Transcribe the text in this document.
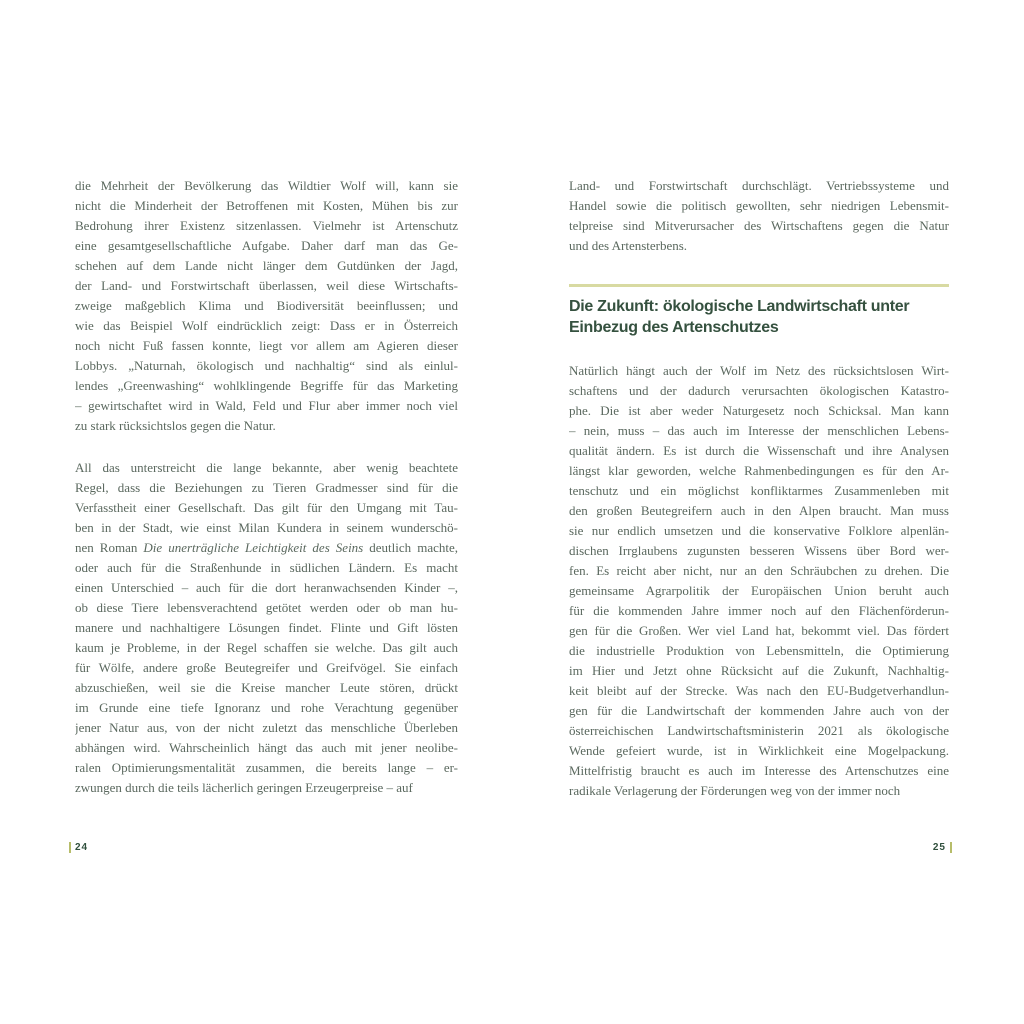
die Mehrheit der Bevölkerung das Wildtier Wolf will, kann sie
nicht die Minderheit der Betroffenen mit Kosten, Mühen bis zur
Bedrohung ihrer Existenz sitzenlassen. Vielmehr ist Artenschutz
eine gesamtgesellschaftliche Aufgabe. Daher darf man das Ge-
schehen auf dem Lande nicht länger dem Gutdünken der Jagd,
der Land- und Forstwirtschaft überlassen, weil diese Wirtschafts-
zweige maßgeblich Klima und Biodiversität beeinflussen; und
wie das Beispiel Wolf eindrücklich zeigt: Dass er in Österreich
noch nicht Fuß fassen konnte, liegt vor allem am Agieren dieser
Lobbys. „Naturnah, ökologisch und nachhaltig“ sind als einlul-
lendes „Greenwashing“ wohlklingende Begriffe für das Marketing
– gewirtschaftet wird in Wald, Feld und Flur aber immer noch viel
zu stark rücksichtslos gegen die Natur.
All das unterstreicht die lange bekannte, aber wenig beachtete
Regel, dass die Beziehungen zu Tieren Gradmesser sind für die
Verfasstheit einer Gesellschaft. Das gilt für den Umgang mit Tau-
ben in der Stadt, wie einst Milan Kundera in seinem wunderschö-
nen Roman Die unerträgliche Leichtigkeit des Seins deutlich machte,
oder auch für die Straßenhunde in südlichen Ländern. Es macht
einen Unterschied – auch für die dort heranwachsenden Kinder –,
ob diese Tiere lebensverachtend getötet werden oder ob man hu-
manere und nachhaltigere Lösungen findet. Flinte und Gift lösten
kaum je Probleme, in der Regel schaffen sie welche. Das gilt auch
für Wölfe, andere große Beutegreifer und Greifvögel. Sie einfach
abzuschießen, weil sie die Kreise mancher Leute stören, drückt
im Grunde eine tiefe Ignoranz und rohe Verachtung gegenüber
jener Natur aus, von der nicht zuletzt das menschliche Überleben
abhängen wird. Wahrscheinlich hängt das auch mit jener neolibe-
ralen Optimierungsmentalität zusammen, die bereits lange – er-
zwungen durch die teils lächerlich geringen Erzeugerpreise – auf
Land- und Forstwirtschaft durchschlägt. Vertriebssysteme und
Handel sowie die politisch gewollten, sehr niedrigen Lebensmit-
telpreise sind Mitverursacher des Wirtschaftens gegen die Natur
und des Artensterbens.
Die Zukunft: ökologische Landwirtschaft unter
Einbezug des Artenschutzes
Natürlich hängt auch der Wolf im Netz des rücksichtslosen Wirt-
schaftens und der dadurch verursachten ökologischen Katastro-
phe. Die ist aber weder Naturgesetz noch Schicksal. Man kann
– nein, muss – das auch im Interesse der menschlichen Lebens-
qualität ändern. Es ist durch die Wissenschaft und ihre Analysen
längst klar geworden, welche Rahmenbedingungen es für den Ar-
tenschutz und ein möglichst konfliktarmes Zusammenleben mit
den großen Beutegreifern auch in den Alpen braucht. Man muss
sie nur endlich umsetzen und die konservative Folklore alpenlän-
dischen Irrglaubens zugunsten besseren Wissens über Bord wer-
fen. Es reicht aber nicht, nur an den Schräubchen zu drehen. Die
gemeinsame Agrarpolitik der Europäischen Union beruht auch
für die kommenden Jahre immer noch auf den Flächenförderun-
gen für die Großen. Wer viel Land hat, bekommt viel. Das fördert
die industrielle Produktion von Lebensmitteln, die Optimierung
im Hier und Jetzt ohne Rücksicht auf die Zukunft, Nachhaltig-
keit bleibt auf der Strecke. Was nach den EU-Budgetverhandlun-
gen für die Landwirtschaft der kommenden Jahre auch von der
österreichischen Landwirtschaftsministerin 2021 als ökologische
Wende gefeiert wurde, ist in Wirklichkeit eine Mogelpackung.
Mittelfristig braucht es auch im Interesse des Artenschutzes eine
radikale Verlagerung der Förderungen weg von der immer noch
24	25
